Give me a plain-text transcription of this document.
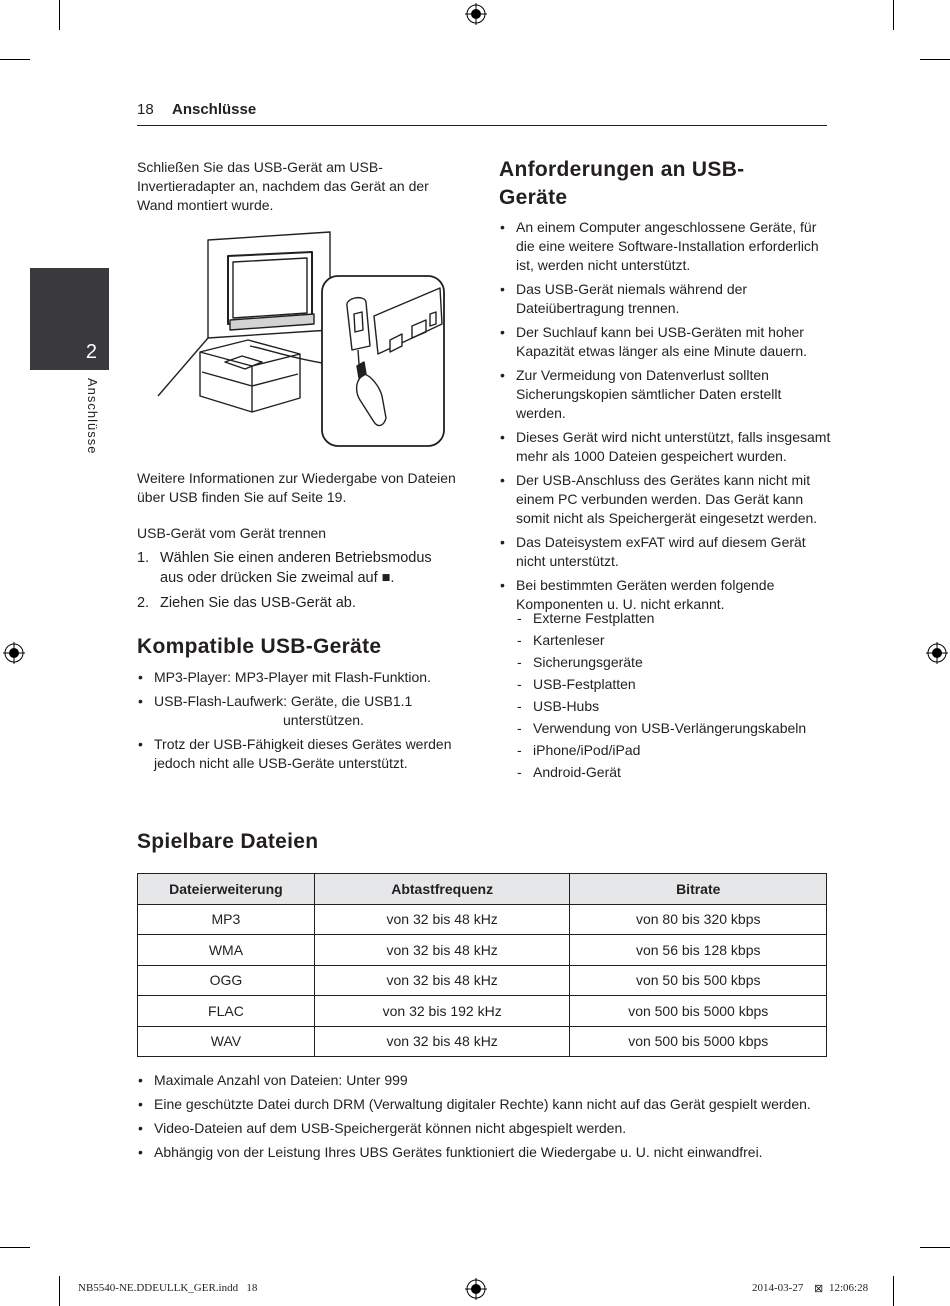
18 Anschlüsse
2
Anschlüsse
Schließen Sie das USB-Gerät am USB-Invertieradapter an, nachdem das Gerät an der Wand montiert wurde.
Weitere Informationen zur Wiedergabe von Dateien über USB finden Sie auf Seite 19.
USB-Gerät vom Gerät trennen
1. Wählen Sie einen anderen Betriebsmodus aus oder drücken Sie zweimal auf ■.
2. Ziehen Sie das USB-Gerät ab.
Kompatible USB-Geräte
• MP3-Player: MP3-Player mit Flash-Funktion.
• USB-Flash-Laufwerk: Geräte, die USB1.1
unterstützen.
• Trotz der USB-Fähigkeit dieses Gerätes werden jedoch nicht alle USB-Geräte unterstützt.
Anforderungen an USB-Geräte
• An einem Computer angeschlossene Geräte, für die eine weitere Software-Installation erforderlich ist, werden nicht unterstützt.
• Das USB-Gerät niemals während der Dateiübertragung trennen.
• Der Suchlauf kann bei USB-Geräten mit hoher Kapazität etwas länger als eine Minute dauern.
• Zur Vermeidung von Datenverlust sollten Sicherungskopien sämtlicher Daten erstellt werden.
• Dieses Gerät wird nicht unterstützt, falls insgesamt mehr als 1000 Dateien gespeichert wurden.
• Der USB-Anschluss des Gerätes kann nicht mit einem PC verbunden werden. Das Gerät kann somit nicht als Speichergerät eingesetzt werden.
• Das Dateisystem exFAT wird auf diesem Gerät nicht unterstützt.
• Bei bestimmten Geräten werden folgende Komponenten u. U. nicht erkannt.
- Externe Festplatten
- Kartenleser
- Sicherungsgeräte
- USB-Festplatten
- USB-Hubs
- Verwendung von USB-Verlängerungskabeln
- iPhone/iPod/iPad
- Android-Gerät
Spielbare Dateien
Dateierweiterung	Abtastfrequenz	Bitrate
MP3	von 32 bis 48 kHz	von 80 bis 320 kbps
WMA	von 32 bis 48 kHz	von 56 bis 128 kbps
OGG	von 32 bis 48 kHz	von 50 bis 500 kbps
FLAC	von 32 bis 192 kHz	von 500 bis 5000 kbps
WAV	von 32 bis 48 kHz	von 500 bis 5000 kbps
• Maximale Anzahl von Dateien: Unter 999
• Eine geschützte Datei durch DRM (Verwaltung digitaler Rechte) kann nicht auf das Gerät gespielt werden.
• Video-Dateien auf dem USB-Speichergerät können nicht abgespielt werden.
• Abhängig von der Leistung Ihres UBS Gerätes funktioniert die Wiedergabe u. U. nicht einwandfrei.
NB5540-NE.DDEULLK_GER.indd   18	2014-03-27 ⊠ 12:06:28
